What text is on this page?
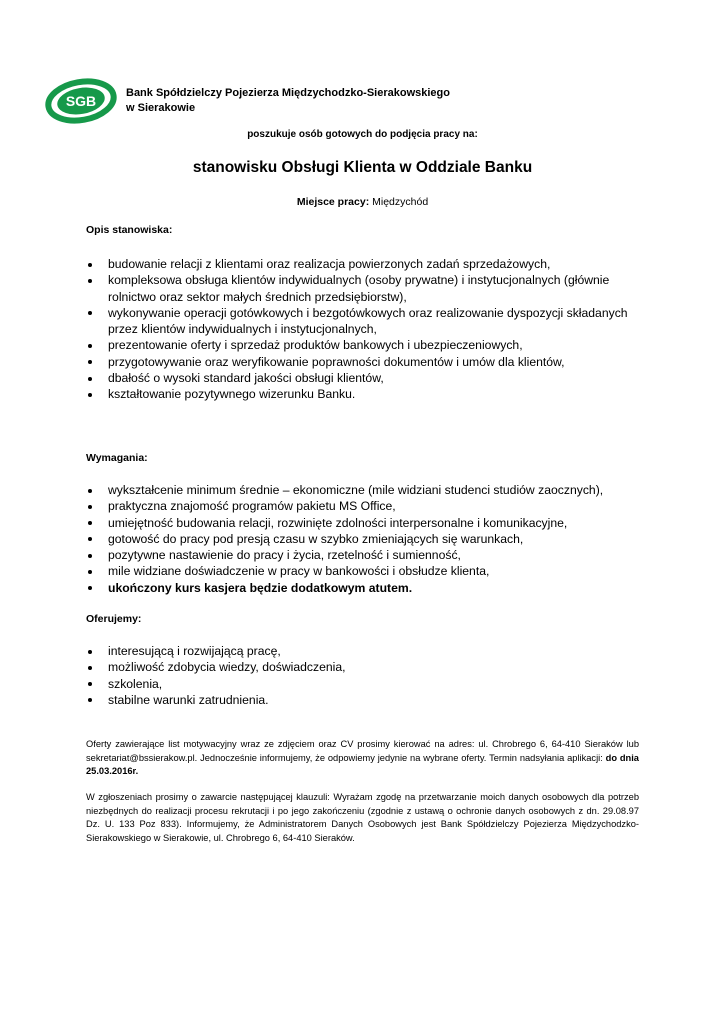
SGB	Bank Spółdzielczy Pojezierza Międzychodzko-Sierakowskiego
w Sierakowie
poszukuje osób gotowych do podjęcia pracy na:
stanowisku Obsługi Klienta w Oddziale Banku
Miejsce pracy: Międzychód
Opis stanowiska:
budowanie relacji z klientami oraz realizacja powierzonych zadań sprzedażowych,
kompleksowa obsługa klientów indywidualnych (osoby prywatne) i instytucjonalnych (głównie rolnictwo oraz sektor małych średnich przedsiębiorstw),
wykonywanie operacji gotówkowych i bezgotówkowych oraz realizowanie dyspozycji składanych przez klientów indywidualnych i instytucjonalnych,
prezentowanie oferty i sprzedaż produktów bankowych i ubezpieczeniowych,
przygotowywanie oraz weryfikowanie poprawności dokumentów i umów dla klientów,
dbałość o wysoki standard jakości obsługi klientów,
kształtowanie pozytywnego wizerunku Banku.
Wymagania:
wykształcenie minimum średnie – ekonomiczne (mile widziani studenci studiów zaocznych),
praktyczna znajomość programów pakietu MS Office,
umiejętność budowania relacji, rozwinięte zdolności interpersonalne i komunikacyjne,
gotowość do pracy pod presją czasu w szybko zmieniających się warunkach,
pozytywne nastawienie do pracy i życia, rzetelność i sumienność,
mile widziane doświadczenie w pracy w bankowości i obsłudze klienta,
ukończony kurs kasjera będzie dodatkowym atutem.
Oferujemy:
interesującą i rozwijającą pracę,
możliwość zdobycia wiedzy, doświadczenia,
szkolenia,
stabilne warunki zatrudnienia.

Oferty zawierające list motywacyjny wraz ze zdjęciem oraz CV prosimy kierować na adres: ul. Chrobrego 6, 64-410 Sieraków lub sekretariat@bssierakow.pl. Jednocześnie informujemy, że odpowiemy jedynie na wybrane oferty. Termin nadsyłania aplikacji: do dnia 25.03.2016r.

W zgłoszeniach prosimy o zawarcie następującej klauzuli: Wyrażam zgodę na przetwarzanie moich danych osobowych dla potrzeb niezbędnych do realizacji procesu rekrutacji i po jego zakończeniu (zgodnie z ustawą o ochronie danych osobowych z dn. 29.08.97 Dz. U. 133 Poz 833). Informujemy, że Administratorem Danych Osobowych jest Bank Spółdzielczy Pojezierza Międzychodzko-Sierakowskiego w Sierakowie, ul. Chrobrego 6, 64-410 Sieraków.
